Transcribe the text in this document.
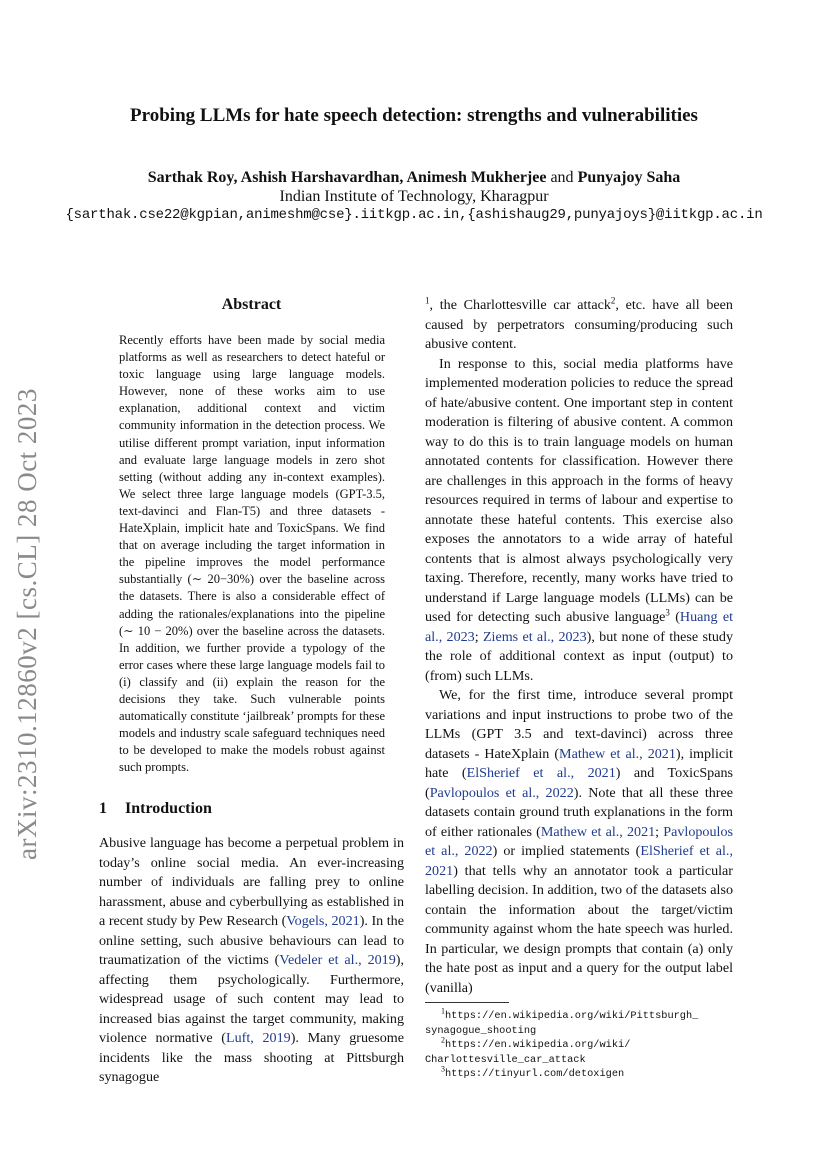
arXiv:2310.12860v2 [cs.CL] 28 Oct 2023
Probing LLMs for hate speech detection: strengths and vulnerabilities
Sarthak Roy, Ashish Harshavardhan, Animesh Mukherjee and Punyajoy Saha
Indian Institute of Technology, Kharagpur
{sarthak.cse22@kgpian,animeshm@cse}.iitkgp.ac.in,{ashishaug29,punyajoys}@iitkgp.ac.in
Abstract

Recently efforts have been made by social media platforms as well as researchers to detect hateful or toxic language using large language models. However, none of these works aim to use explanation, additional context and victim community information in the detection process. We utilise different prompt variation, input information and evaluate large language models in zero shot setting (without adding any in-context examples). We select three large language models (GPT-3.5, text-davinci and Flan-T5) and three datasets - HateXplain, implicit hate and ToxicSpans. We find that on average including the target information in the pipeline improves the model performance substantially (∼ 20−30%) over the baseline across the datasets. There is also a considerable effect of adding the rationales/explanations into the pipeline (∼ 10 − 20%) over the baseline across the datasets. In addition, we further provide a typology of the error cases where these large language models fail to (i) classify and (ii) explain the reason for the decisions they take. Such vulnerable points automatically constitute ‘jailbreak’ prompts for these models and industry scale safeguard techniques need to be developed to make the models robust against such prompts.

1 Introduction

Abusive language has become a perpetual problem in today’s online social media. An ever-increasing number of individuals are falling prey to online harassment, abuse and cyberbullying as established in a recent study by Pew Research (Vogels, 2021). In the online setting, such abusive behaviours can lead to traumatization of the victims (Vedeler et al., 2019), affecting them psychologically. Furthermore, widespread usage of such content may lead to increased bias against the target community, making violence normative (Luft, 2019). Many gruesome incidents like the mass shooting at Pittsburgh synagogue

$^1$, the Charlottesville car attack$^2$, etc. have all been caused by perpetrators consuming/producing such abusive content.

In response to this, social media platforms have implemented moderation policies to reduce the spread of hate/abusive content. One important step in content moderation is filtering of abusive content. A common way to do this is to train language models on human annotated contents for classification. However there are challenges in this approach in the forms of heavy resources required in terms of labour and expertise to annotate these hateful contents. This exercise also exposes the annotators to a wide array of hateful contents that is almost always psychologically very taxing. Therefore, recently, many works have tried to understand if Large language models (LLMs) can be used for detecting such abusive language$^3$ (Huang et al., 2023; Ziems et al., 2023), but none of these study the role of additional context as input (output) to (from) such LLMs.

We, for the first time, introduce several prompt variations and input instructions to probe two of the LLMs (GPT 3.5 and text-davinci) across three datasets - HateXplain (Mathew et al., 2021), implicit hate (ElSherief et al., 2021) and ToxicSpans (Pavlopoulos et al., 2022). Note that all these three datasets contain ground truth explanations in the form of either rationales (Mathew et al., 2021; Pavlopoulos et al., 2022) or implied statements (ElSherief et al., 2021) that tells why an annotator took a particular labelling decision. In addition, two of the datasets also contain the information about the target/victim community against whom the hate speech was hurled. In particular, we design prompts that contain (a) only the hate post as input and a query for the output label (vanilla)

$^1$https://en.wikipedia.org/wiki/Pittsburgh_
synagogue_shooting

$^2$https://en.wikipedia.org/wiki/
Charlottesville_car_attack

$^3$https://tinyurl.com/detoxigen
